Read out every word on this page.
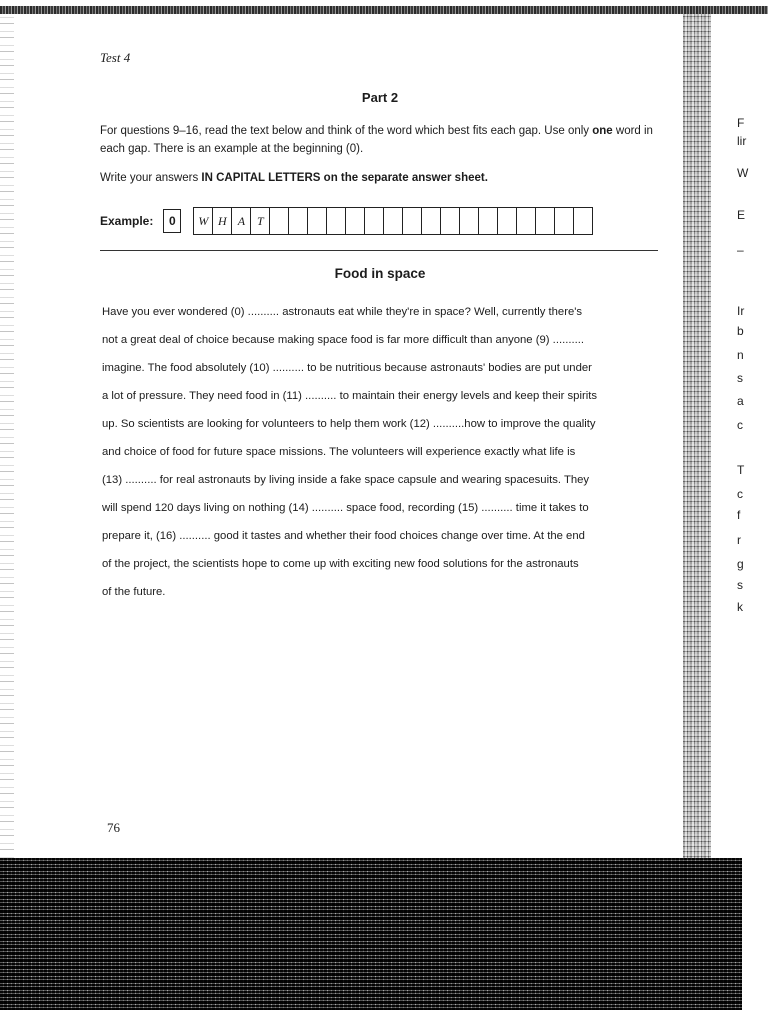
Test 4
Part 2
For questions 9–16, read the text below and think of the word which best fits each gap. Use only one word in each gap. There is an example at the beginning (0).
Write your answers IN CAPITAL LETTERS on the separate answer sheet.
Example:	0	W H A T
Food in space
Have you ever wondered (0) .......... astronauts eat while they're in space? Well, currently there's
not a great deal of choice because making space food is far more difficult than anyone (9) ..........
imagine. The food absolutely (10) .......... to be nutritious because astronauts' bodies are put under
a lot of pressure. They need food in (11) .......... to maintain their energy levels and keep their spirits
up. So scientists are looking for volunteers to help them work (12) ..........how to improve the quality
and choice of food for future space missions. The volunteers will experience exactly what life is
(13) .......... for real astronauts by living inside a fake space capsule and wearing spacesuits. They
will spend 120 days living on nothing (14) .......... space food, recording (15) .......... time it takes to
prepare it, (16) .......... good it tastes and whether their food choices change over time. At the end
of the project, the scientists hope to come up with exciting new food solutions for the astronauts
of the future.
76
F
lir
W
E
–
Ir
b
n
s
a
c
T
c
f
r
g
s
k
